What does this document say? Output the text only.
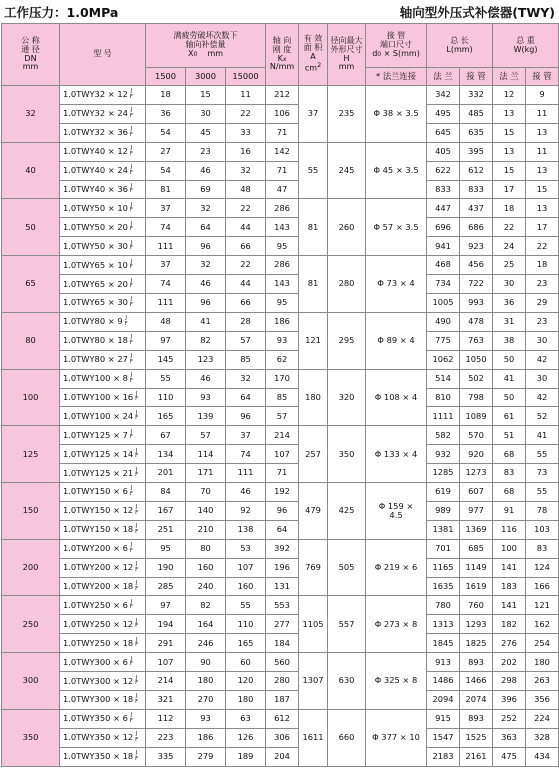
工作压力：1.0MPa	轴向型外压式补偿器(TWY)
公 称
通 径
DN
mm	型 号	满疲劳破坏次数下
轴向补偿量
X0 mm			轴 向
刚 度
Kx
N/mm	有 效
面 积
A
$cm^2$	径向最大
外形尺寸
H
mm	接 管
端口尺寸
d0 × S(mm)	总 长
L(mm)		总 重
W(kg)	
		1500	3000	15000				* 法兰连接	法 兰	接 管	法 兰	接 管
32	1.0TWY32 × 12 J
F	18	15	11	212	37	235	Φ 38 × 3.5	342	332	12	9
	1.0TWY32 × 24 J
F	36	30	22	106				495	485	13	11
	1.0TWY32 × 36 J
F	54	45	33	71				645	635	15	13
40	1.0TWY40 × 12 J
F	27	23	16	142	55	245	Φ 45 × 3.5	405	395	13	11
	1.0TWY40 × 24 J
F	54	46	32	71				622	612	15	13
	1.0TWY40 × 36 J
F	81	69	48	47				833	833	17	15
50	1.0TWY50 × 10 J
F	37	32	22	286	81	260	Φ 57 × 3.5	447	437	18	13
	1.0TWY50 × 20 J
F	74	64	44	143				696	686	22	17
	1.0TWY50 × 30 J
F	111	96	66	95				941	923	24	22
65	1.0TWY65 × 10 J
F	37	32	22	286	81	280	Φ 73 × 4	468	456	25	18
	1.0TWY65 × 20 J
F	74	46	44	143				734	722	30	23
	1.0TWY65 × 30 J
F	111	96	66	95				1005	993	36	29
80	1.0TWY80 × 9 J
F	48	41	28	186	121	295	Φ 89 × 4	490	478	31	23
	1.0TWY80 × 18 J
F	97	82	57	93				775	763	38	30
	1.0TWY80 × 27 J
F	145	123	85	62				1062	1050	50	42
100	1.0TWY100 × 8 J
F	55	46	32	170	180	320	Φ 108 × 4	514	502	41	30
	1.0TWY100 × 16 J
F	110	93	64	85				810	798	50	42
	1.0TWY100 × 24 J
F	165	139	96	57				1111	1089	61	52
125	1.0TWY125 × 7 J
F	67	57	37	214	257	350	Φ 133 × 4	582	570	51	41
	1.0TWY125 × 14 J
F	134	114	74	107				932	920	68	55
	1.0TWY125 × 21 J
F	201	171	111	71				1285	1273	83	73
150	1.0TWY150 × 6 J
F	84	70	46	192	479	425	Φ 159 ×
4.5	619	607	68	55
	1.0TWY150 × 12 J
F	167	140	92	96				989	977	91	78
	1.0TWY150 × 18 J
F	251	210	138	64				1381	1369	116	103
200	1.0TWY200 × 6 J
F	95	80	53	392	769	505	Φ 219 × 6	701	685	100	83
	1.0TWY200 × 12 J
F	190	160	107	196				1165	1149	141	124
	1.0TWY200 × 18 J
F	285	240	160	131				1635	1619	183	166
250	1.0TWY250 × 6 J
F	97	82	55	553	1105	557	Φ 273 × 8	780	760	141	121
	1.0TWY250 × 12 J
F	194	164	110	277				1313	1293	182	162
	1.0TWY250 × 18 J
F	291	246	165	184				1845	1825	276	254
300	1.0TWY300 × 6 J
F	107	90	60	560	1307	630	Φ 325 × 8	913	893	202	180
	1.0TWY300 × 12 J
F	214	180	120	280				1486	1466	298	263
	1.0TWY300 × 18 J
F	321	270	180	187				2094	2074	396	356
350	1.0TWY350 × 6 J
F	112	93	63	612	1611	660	Φ 377 × 10	915	893	252	224
	1.0TWY350 × 12 J
F	223	186	126	306				1547	1525	363	328
	1.0TWY350 × 18 J
F	335	279	189	204				2183	2161	475	434
